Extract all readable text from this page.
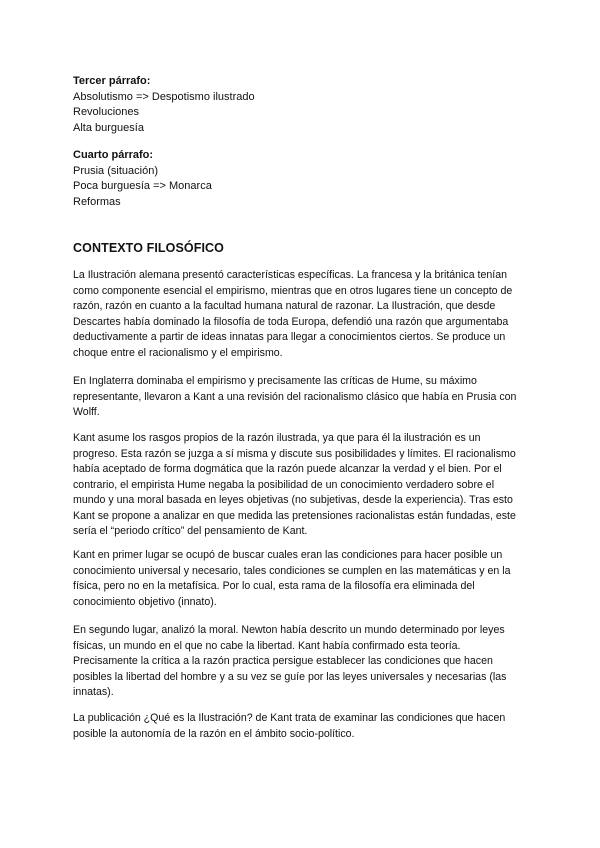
Tercer párrafo:
Absolutismo => Despotismo ilustrado
Revoluciones
Alta burguesía
Cuarto párrafo:
Prusia (situación)
Poca burguesía => Monarca
Reformas
CONTEXTO FILOSÓFICO

La Ilustración alemana presentó características específicas. La francesa y la británica tenían como componente esencial el empirismo, mientras que en otros lugares tiene un concepto de razón, razón en cuanto a la facultad humana natural de razonar. La Ilustración, que desde Descartes había dominado la filosofía de toda Europa, defendió una razón que argumentaba deductivamente a partir de ideas innatas para llegar a conocimientos ciertos. Se produce un choque entre el racionalismo y el empirismo.

En Inglaterra dominaba el empirismo y precisamente las críticas de Hume, su máximo representante, llevaron a Kant a una revisión del racionalismo clásico que había en Prusia con Wolff.

Kant asume los rasgos propios de la razón ilustrada, ya que para él la ilustración es un progreso. Esta razón se juzga a sí misma y discute sus posibilidades y límites. El racionalismo había aceptado de forma dogmática que la razón puede alcanzar la verdad y el bien. Por el contrario, el empirista Hume negaba la posibilidad de un conocimiento verdadero sobre el mundo y una moral basada en leyes objetivas (no subjetivas, desde la experiencia). Tras esto Kant se propone a analizar en que medida las pretensiones racionalistas están fundadas, este sería el “periodo crítico” del pensamiento de Kant.

Kant en primer lugar se ocupó de buscar cuales eran las condiciones para hacer posible un conocimiento universal y necesario, tales condiciones se cumplen en las matemáticas y en la física, pero no en la metafísica. Por lo cual, esta rama de la filosofía era eliminada del conocimiento objetivo (innato).

En segundo lugar, analizó la moral. Newton había descrito un mundo determinado por leyes físicas, un mundo en el que no cabe la libertad. Kant había confirmado esta teoría. Precisamente la crítica a la razón practica persigue establecer las condiciones que hacen posibles la libertad del hombre y a su vez se guíe por las leyes universales y necesarias (las innatas).

La publicación ¿Qué es la Ilustración? de Kant trata de examinar las condiciones que hacen posible la autonomía de la razón en el ámbito socio-político.
